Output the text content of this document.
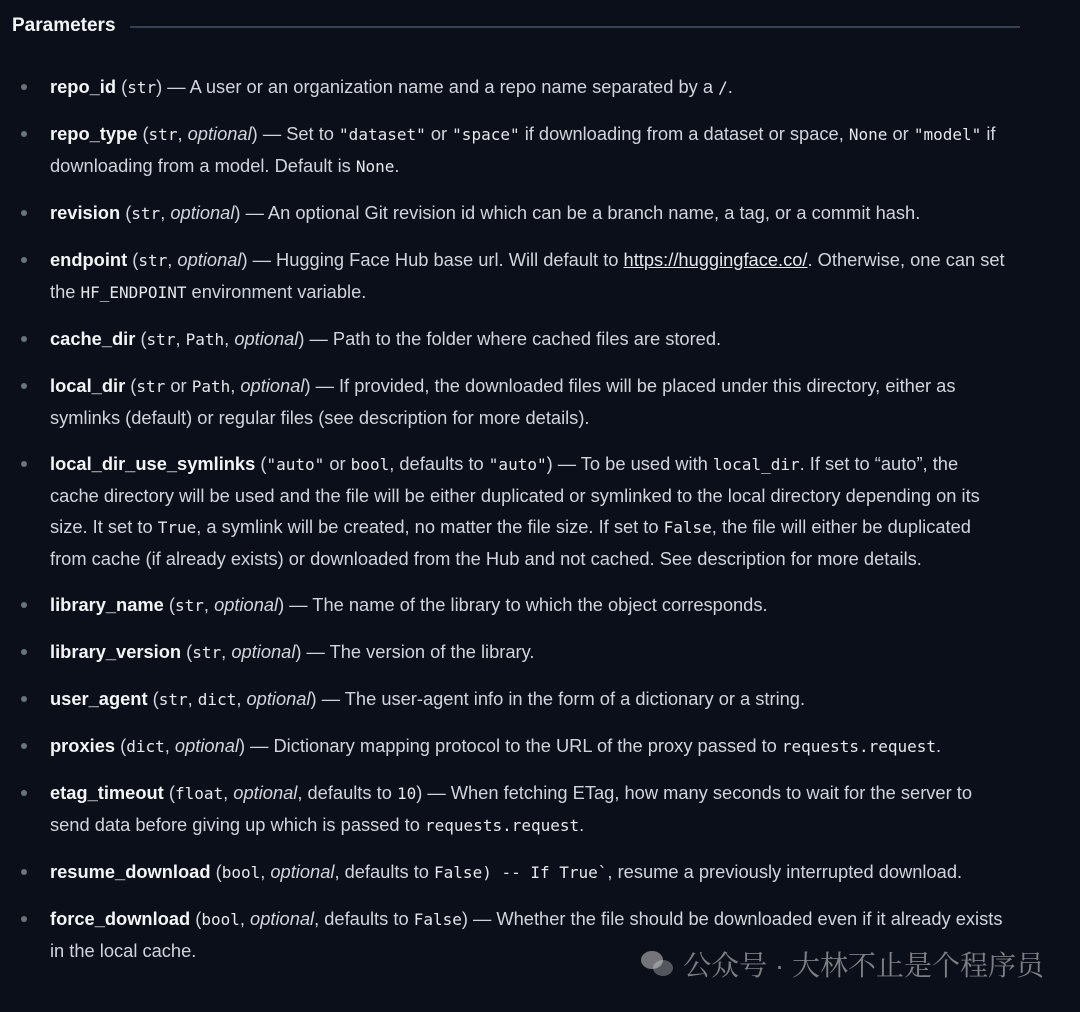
Parameters
repo_id (str) — A user or an organization name and a repo name separated by a /.
repo_type (str, optional) — Set to "dataset" or "space" if downloading from a dataset or space, None or "model" if downloading from a model. Default is None.
revision (str, optional) — An optional Git revision id which can be a branch name, a tag, or a commit hash.
endpoint (str, optional) — Hugging Face Hub base url. Will default to https://huggingface.co/. Otherwise, one can set the HF_ENDPOINT environment variable.
cache_dir (str, Path, optional) — Path to the folder where cached files are stored.
local_dir (str or Path, optional) — If provided, the downloaded files will be placed under this directory, either as symlinks (default) or regular files (see description for more details).
local_dir_use_symlinks ("auto" or bool, defaults to "auto") — To be used with local_dir. If set to “auto”, the cache directory will be used and the file will be either duplicated or symlinked to the local directory depending on its size. It set to True, a symlink will be created, no matter the file size. If set to False, the file will either be duplicated from cache (if already exists) or downloaded from the Hub and not cached. See description for more details.
library_name (str, optional) — The name of the library to which the object corresponds.
library_version (str, optional) — The version of the library.
user_agent (str, dict, optional) — The user-agent info in the form of a dictionary or a string.
proxies (dict, optional) — Dictionary mapping protocol to the URL of the proxy passed to requests.request.
etag_timeout (float, optional, defaults to 10) — When fetching ETag, how many seconds to wait for the server to send data before giving up which is passed to requests.request.
resume_download (bool, optional, defaults to False) -- If True`, resume a previously interrupted download.
force_download (bool, optional, defaults to False) — Whether the file should be downloaded even if it already exists in the local cache.	公众号 · 大林不止是个程序员
